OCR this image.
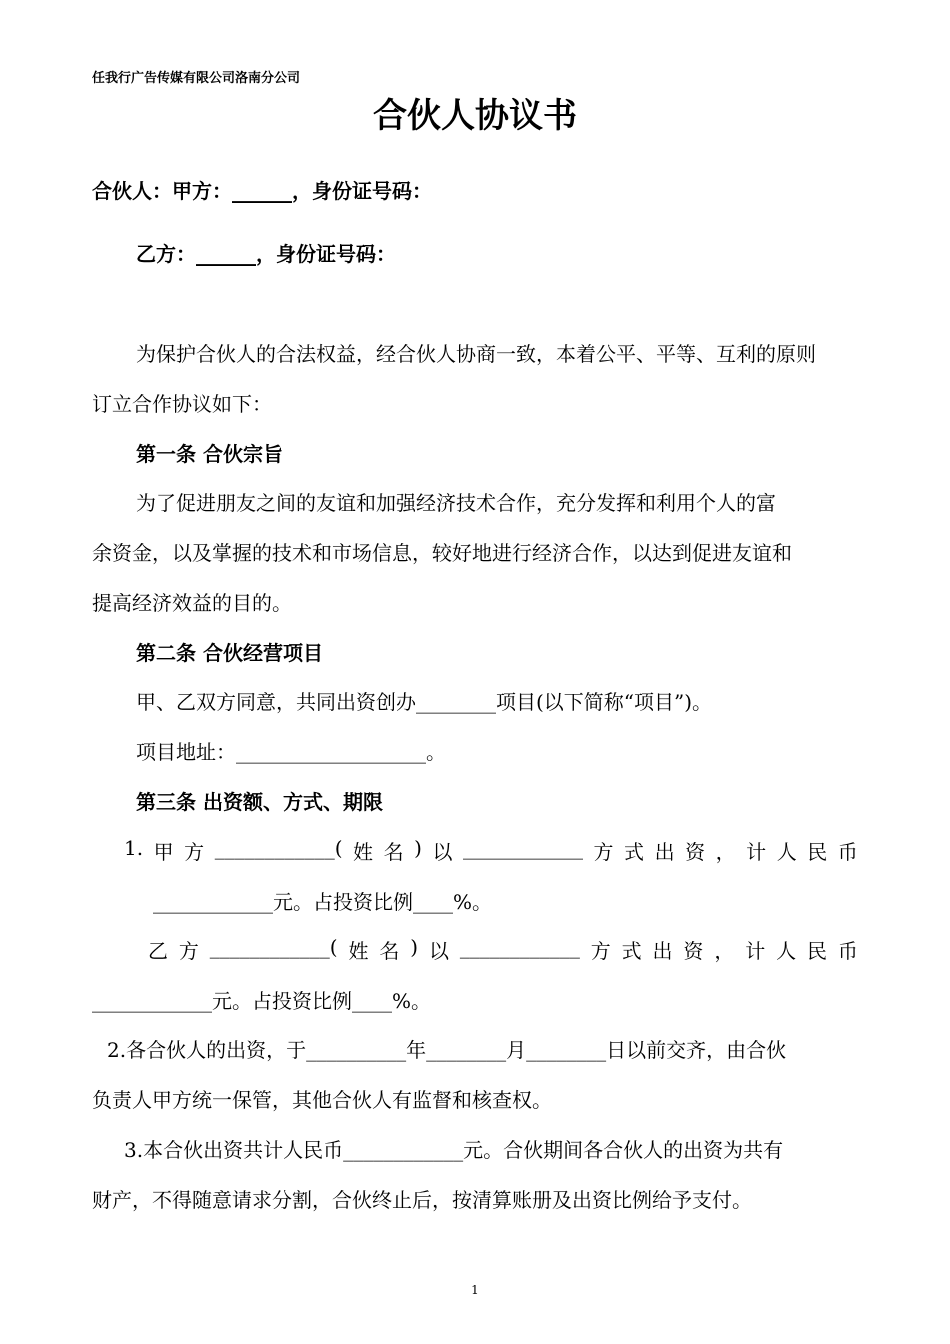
任我行广告传媒有限公司洛南分公司
合伙人协议书
合伙人：甲方：______，身份证号码：
乙方：______，身份证号码：
为保护合伙人的合法权益，经合伙人协商一致，本着公平、平等、互利的原则
订立合作协议如下：
第一条 合伙宗旨
为了促进朋友之间的友谊和加强经济技术合作，充分发挥和利用个人的富
余资金，以及掌握的技术和市场信息，较好地进行经济合作，以达到促进友谊和
提高经济效益的目的。
第二条 合伙经营项目
甲、乙双方同意，共同出资创办________项目(以下简称“项目”)。
项目地址：___________________。
第三条 出资额、方式、期限
1. 甲 方 ____________( 姓 名 ) 以 ____________ 方 式 出 资 ， 计 人 民 币
____________元。占投资比例____%。
乙 方 ____________( 姓 名 ) 以 ____________ 方 式 出 资 ， 计 人 民 币
____________元。占投资比例____%。
2.各合伙人的出资，于__________年________月________日以前交齐，由合伙
负责人甲方统一保管，其他合伙人有监督和核查权。
3.本合伙出资共计人民币____________元。合伙期间各合伙人的出资为共有
财产，不得随意请求分割，合伙终止后，按清算账册及出资比例给予支付。
1
